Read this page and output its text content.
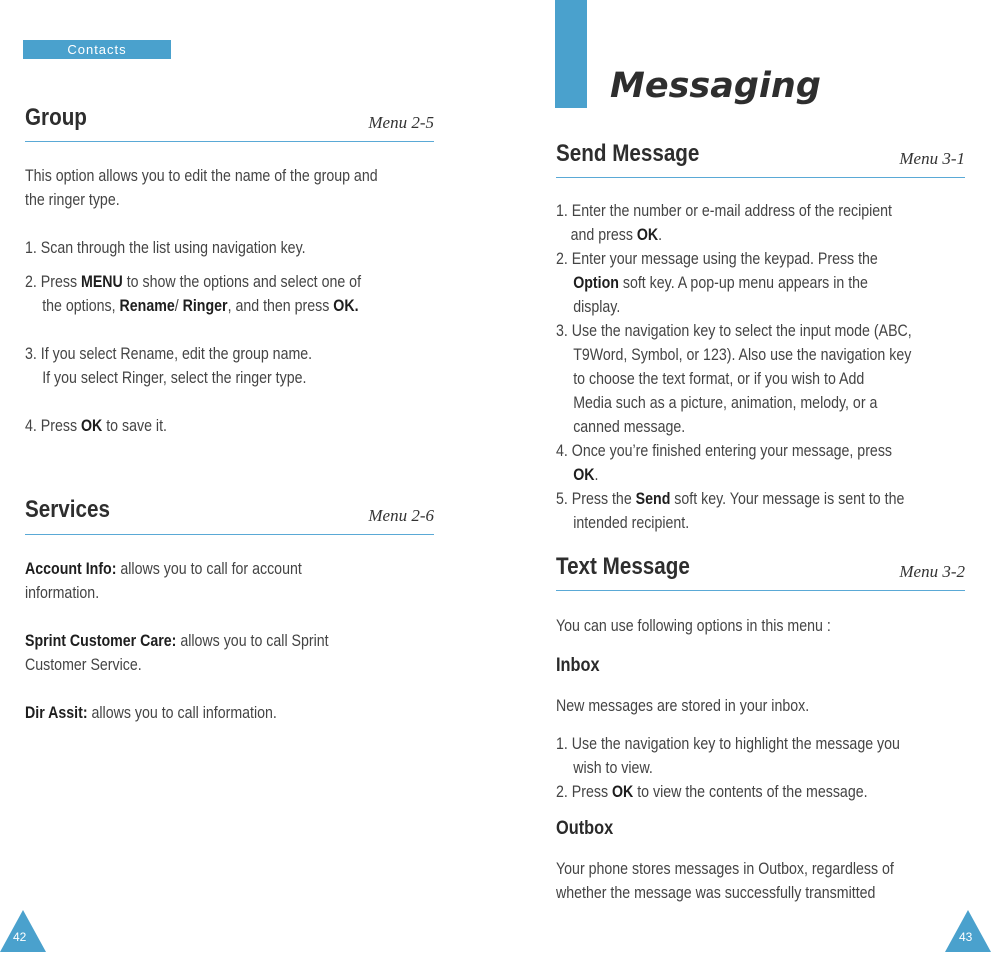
Contacts
Group	Menu 2-5
This option allows you to edit the name of the group and
the ringer type.
1. Scan through the list using navigation key.
2. Press MENU to show the options and select one of
the options, Rename/ Ringer, and then press OK.
3. If you select Rename, edit the group name.
If you select Ringer, select the ringer type.
4. Press OK to save it.
Services	Menu 2-6
Account Info: allows you to call for account
information.
Sprint Customer Care: allows you to call Sprint
Customer Service.
Dir Assit: allows you to call information.
42
Messaging
Send Message	Menu 3-1
1. Enter the number or e-mail address of the recipient
and press OK.
2. Enter your message using the keypad. Press the
Option soft key. A pop-up menu appears in the
display.
3. Use the navigation key to select the input mode (ABC,
T9Word, Symbol, or 123). Also use the navigation key
to choose the text format, or if you wish to Add
Media such as a picture, animation, melody, or a
canned message.
4. Once you’re finished entering your message, press
OK.
5. Press the Send soft key. Your message is sent to the
intended recipient.
Text Message	Menu 3-2
You can use following options in this menu :
Inbox
New messages are stored in your inbox.
1. Use the navigation key to highlight the message you
wish to view.
2. Press OK to view the contents of the message.
Outbox
Your phone stores messages in Outbox, regardless of
whether the message was successfully transmitted
43
